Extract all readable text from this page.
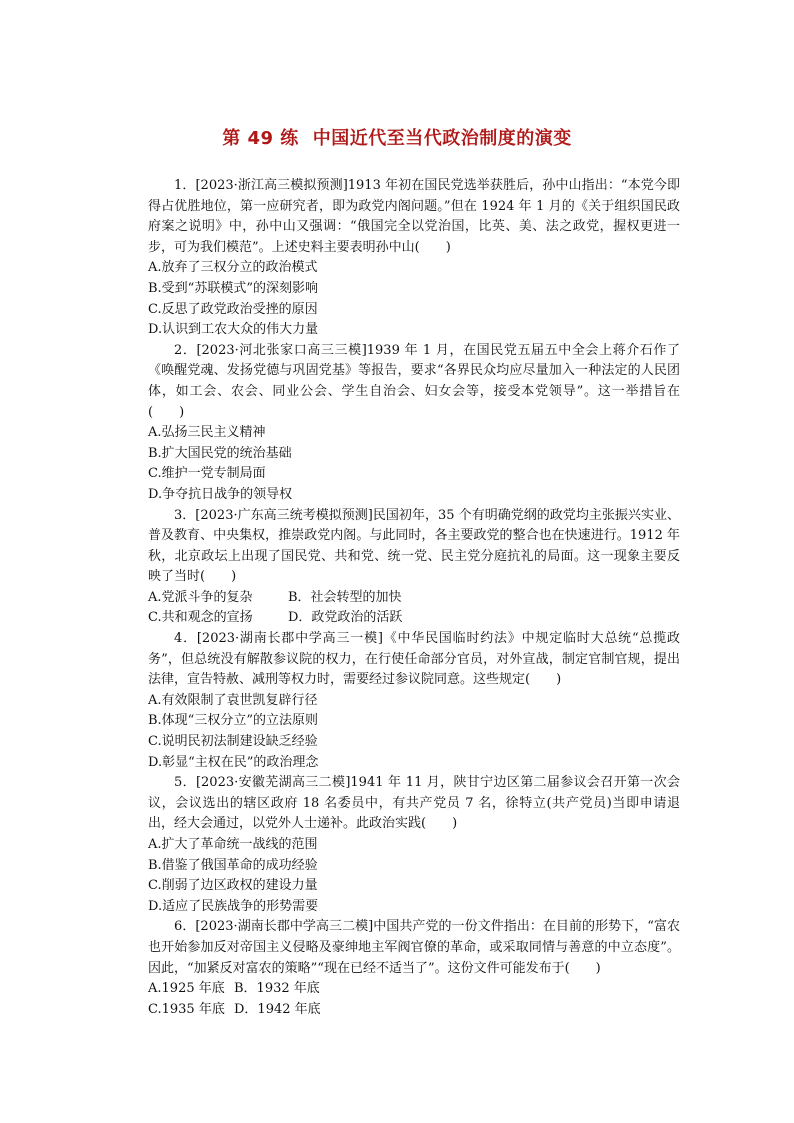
第 49 练 中国近代至当代政治制度的演变

1．[2023·浙江高三模拟预测]1913 年初在国民党选举获胜后，孙中山指出：“本党今即得占优胜地位，第一应研究者，即为政党内阁问题。”但在 1924 年 1 月的《关于组织国民政府案之说明》中，孙中山又强调：“俄国完全以党治国，比英、美、法之政党，握权更进一步，可为我们模范”。上述史料主要表明孙中山(　　)

A.放弃了三权分立的政治模式

B.受到“苏联模式”的深刻影响

C.反思了政党政治受挫的原因

D.认识到工农大众的伟大力量

2．[2023·河北张家口高三三模]1939 年 1 月，在国民党五届五中全会上蒋介石作了《唤醒党魂、发扬党德与巩固党基》等报告，要求“各界民众均应尽量加入一种法定的人民团体，如工会、农会、同业公会、学生自治会、妇女会等，接受本党领导”。这一举措旨在(　　)

A.弘扬三民主义精神

B.扩大国民党的统治基础

C.维护一党专制局面

D.争夺抗日战争的领导权

3．[2023·广东高三统考模拟预测]民国初年，35 个有明确党纲的政党均主张振兴实业、普及教育、中央集权，推崇政党内阁。与此同时，各主要政党的整合也在快速进行。1912 年秋，北京政坛上出现了国民党、共和党、统一党、民主党分庭抗礼的局面。这一现象主要反映了当时(　　)

A.党派斗争的复杂	B．社会转型的加快

C.共和观念的宣扬	D．政党政治的活跃

4．[2023·湖南长郡中学高三一模]《中华民国临时约法》中规定临时大总统“总揽政务”，但总统没有解散参议院的权力，在行使任命部分官员，对外宣战，制定官制官规，提出法律，宣告特赦、减刑等权力时，需要经过参议院同意。这些规定(　　)

A.有效限制了袁世凯复辟行径

B.体现“三权分立”的立法原则

C.说明民初法制建设缺乏经验

D.彰显“主权在民”的政治理念

5．[2023·安徽芜湖高三二模]1941 年 11 月，陕甘宁边区第二届参议会召开第一次会议，会议选出的辖区政府 18 名委员中，有共产党员 7 名，徐特立(共产党员)当即申请退出，经大会通过，以党外人士递补。此政治实践(　　)

A.扩大了革命统一战线的范围

B.借鉴了俄国革命的成功经验

C.削弱了边区政权的建设力量

D.适应了民族战争的形势需要

6．[2023·湖南长郡中学高三二模]中国共产党的一份文件指出：在目前的形势下，“富农也开始参加反对帝国主义侵略及豪绅地主军阀官僚的革命，或采取同情与善意的中立态度”。因此，“加紧反对富农的策略”“现在已经不适当了”。这份文件可能发布于(　　)

A.1925 年底 B．1932 年底

C.1935 年底 D．1942 年底
